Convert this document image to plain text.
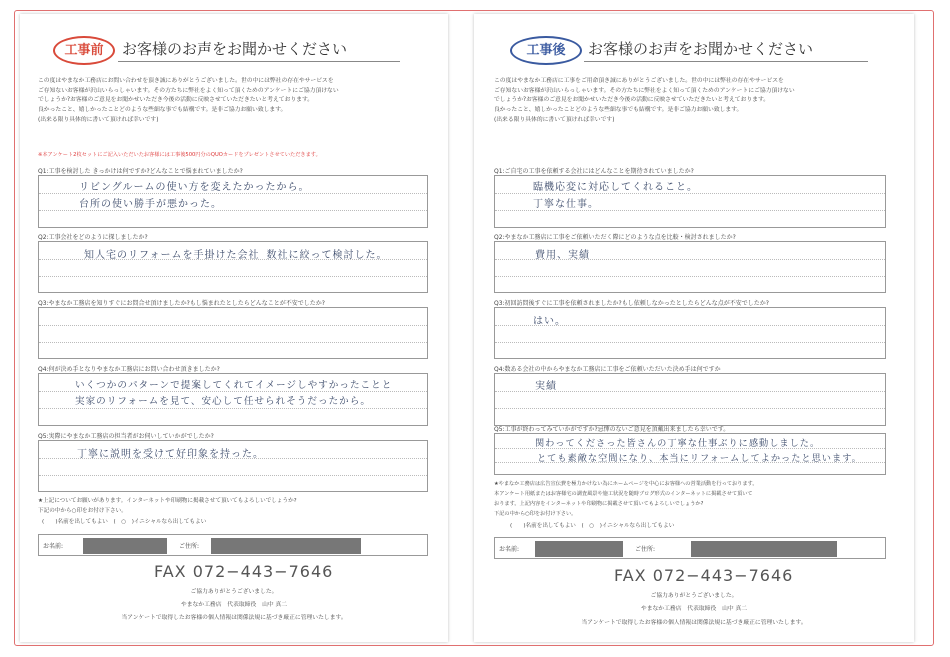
工事前	お客様のお声をお聞かせください
この度はやまなか工務店にお問い合わせを頂き誠にありがとうございました。世の中には弊社の存在やサービスを
ご存知ないお客様が沢山いらっしゃいます。その方たちに弊社をよく知って頂くためのアンケートにご協力頂けない
でしょうか?お客様のご意見をお聞かせいただき今後の活動に反映させていただきたいと考えております。
良かったこと、嬉しかったことどのような些細な事でも結構です。是非ご協力お願い致します。
(出来る限り具体的に書いて頂ければ幸いです)
※本アンケート2枚セットにご記入いただいたお客様には工事後500円分のQUOカードをプレゼントさせていただきます。
Q1:工事を検討した きっかけは何ですか?どんなことで悩まれていましたか?
リビングルームの使い方を変えたかったから。
台所の使い勝手が悪かった。
Q2:工事会社をどのように探しましたか?
知人宅のリフォームを手掛けた会社 数社に絞って検討した。
Q3:やまなか工務店を知りすぐにお問合せ頂けましたか?もし悩まれたとしたらどんなことが不安でしたか?
Q4:何が決め手となりやまなか工務店にお問い合わせ頂きましたか?
いくつかのパターンで提案してくれてイメージしやすかったことと
実家のリフォームを見て、安心して任せられそうだったから。
Q5:実際にやまなか工務店の担当者がお伺いしていかがでしたか?
丁寧に説明を受けて好印象を持った。
★上記についてお願いがあります。インターネットや印刷物に掲載させて頂いてもよろしいでしょうか?
下記の中から○印をお付け下さい。
(　　)名前を出してもよい　(　○　)イニシャルなら出してもよい
お名前:	ご住所:
FAX 072−443−7646
ご協力ありがとうございました。
やまなか工務店　代表取締役　山中 真二
当アンケートで取得したお客様の個人情報は関係法規に基づき厳正に管理いたします。
工事後	お客様のお声をお聞かせください
この度はやまなか工務店に工事をご用命頂き誠にありがとうございました。世の中には弊社の存在やサービスを
ご存知ないお客様が沢山いらっしゃいます。その方たちに弊社をよく知って頂くためのアンケートにご協力頂けない
でしょうか?お客様のご意見をお聞かせいただき今後の活動に反映させていただきたいと考えております。
良かったこと、嬉しかったことどのような些細な事でも結構です。是非ご協力お願い致します。
(出来る限り具体的に書いて頂ければ幸いです)
Q1:ご自宅の工事を依頼する会社にはどんなことを期待されていましたか?
臨機応変に対応してくれること。
丁寧な仕事。
Q2:やまなか工務店に工事をご依頼いただく際にどのような点を比較・検討されましたか?
費用、実績
Q3:初回訪問後すぐに工事を依頼されましたか?もし依頼しなかったとしたらどんな点が不安でしたか?
はい。
Q4:数ある会社の中からやまなか工務店に工事をご依頼いただいた決め手は何ですか
実績
Q5:工事が終わってみていかがですか?忌憚のないご意見を頂戴出来ましたら幸いです。
関わってくださった皆さんの丁寧な仕事ぶりに感動しました。
とても素敵な空間になり、本当にリフォームしてよかったと思います。
★やまなか工務店は広告宣伝費を極力かけない為にホームページを中心にお客様への営業活動を行っております。
本アンケート用紙またはお客様宅の調査風景や施工状況を随時ブログ形式のインターネットに掲載させて頂いて
おります。上記内容をインターネットや印刷物に掲載させて頂いてもよろしいでしょうか?
下記の中から○印をお付け下さい。
(　　)名前を出してもよい　(　○　)イニシャルなら出してもよい
お名前:	ご住所:
FAX 072−443−7646
ご協力ありがとうございました。
やまなか工務店　代表取締役　山中 真二
当アンケートで取得したお客様の個人情報は関係法規に基づき厳正に管理いたします。
